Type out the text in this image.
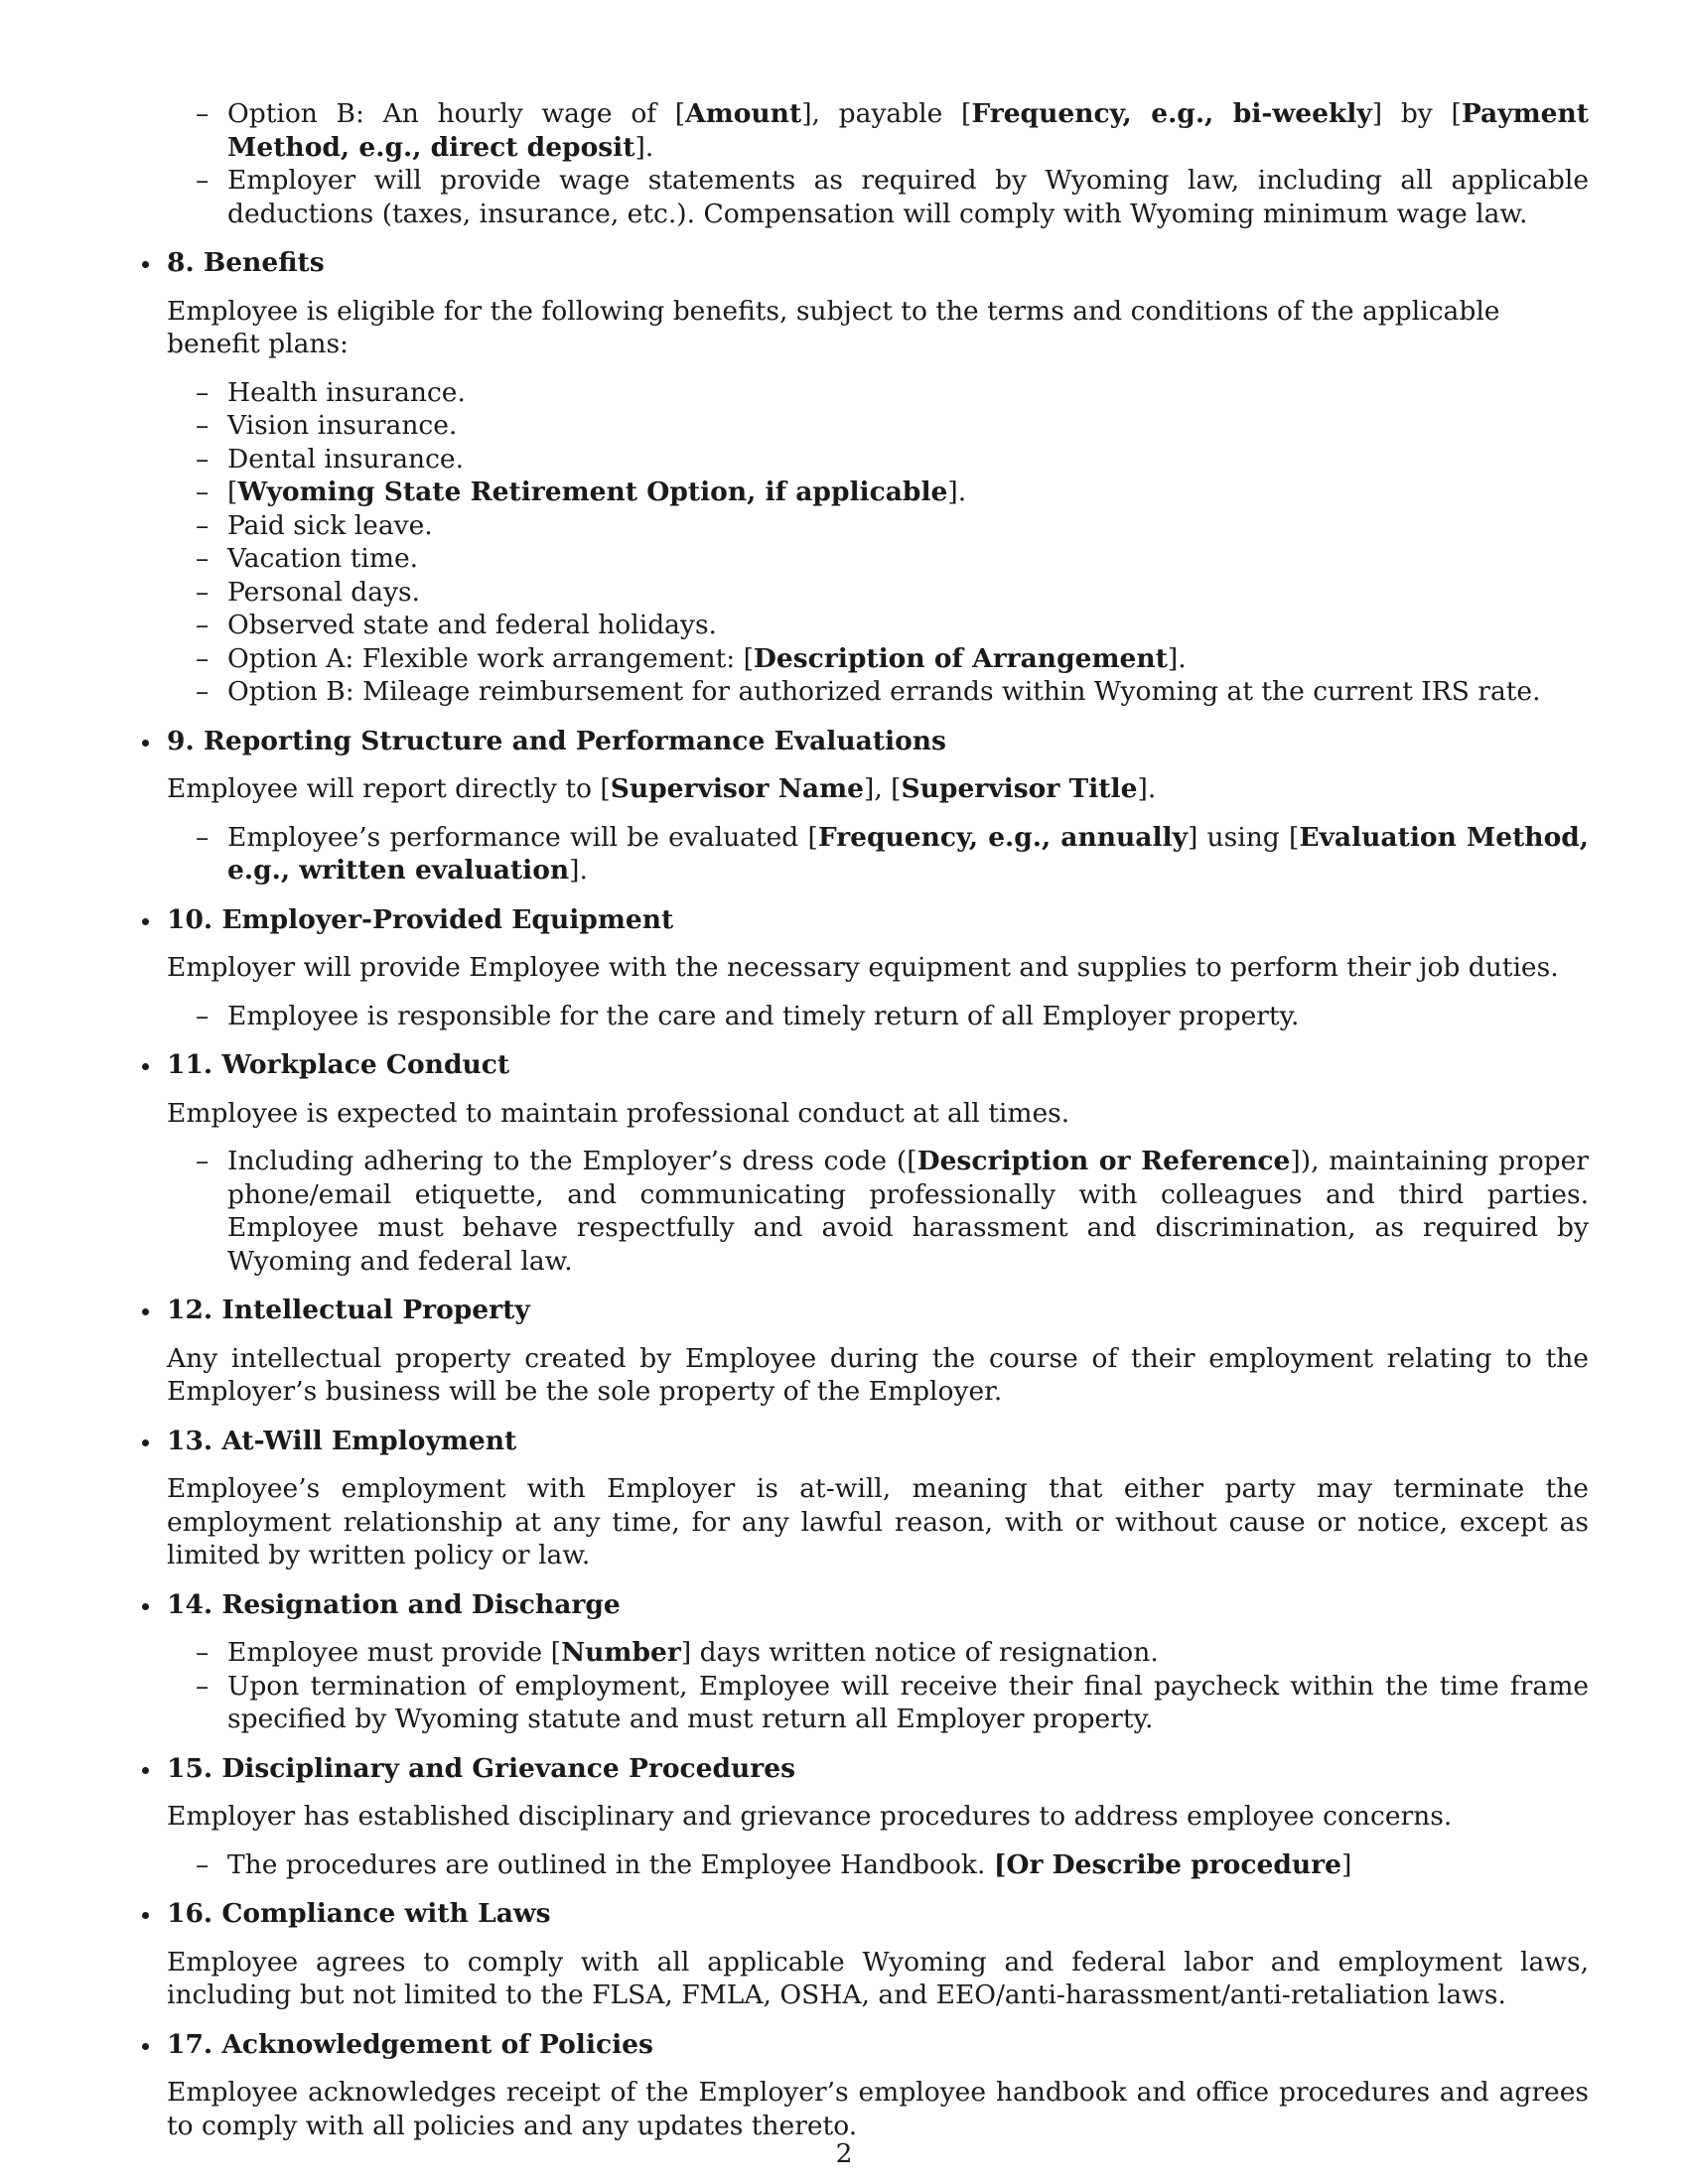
– Option B: An hourly wage of [Amount], payable [Frequency, e.g., bi-weekly] by [Payment Method, e.g., direct deposit].

– Employer will provide wage statements as required by Wyoming law, including all applicable deductions (taxes, insurance, etc.). Compensation will comply with Wyoming minimum wage law.

8. Benefits

Employee is eligible for the following benefits, subject to the terms and conditions of the applicable benefit plans:

– Health insurance.

– Vision insurance.

– Dental insurance.

– [Wyoming State Retirement Option, if applicable].

– Paid sick leave.

– Vacation time.

– Personal days.

– Observed state and federal holidays.

– Option A: Flexible work arrangement: [Description of Arrangement].

– Option B: Mileage reimbursement for authorized errands within Wyoming at the current IRS rate.

9. Reporting Structure and Performance Evaluations

Employee will report directly to [Supervisor Name], [Supervisor Title].

– Employee’s performance will be evaluated [Frequency, e.g., annually] using [Evaluation Method, e.g., written evaluation].

10. Employer-Provided Equipment

Employer will provide Employee with the necessary equipment and supplies to perform their job duties.

– Employee is responsible for the care and timely return of all Employer property.

11. Workplace Conduct

Employee is expected to maintain professional conduct at all times.

– Including adhering to the Employer’s dress code ([Description or Reference]), maintaining proper phone/email etiquette, and communicating professionally with colleagues and third parties. Employee must behave respectfully and avoid harassment and discrimination, as required by Wyoming and federal law.

12. Intellectual Property

Any intellectual property created by Employee during the course of their employment relating to the Employer’s business will be the sole property of the Employer.

13. At-Will Employment

Employee’s employment with Employer is at-will, meaning that either party may terminate the employment relationship at any time, for any lawful reason, with or without cause or notice, except as limited by written policy or law.

14. Resignation and Discharge

– Employee must provide [Number] days written notice of resignation.

– Upon termination of employment, Employee will receive their final paycheck within the time frame specified by Wyoming statute and must return all Employer property.

15. Disciplinary and Grievance Procedures

Employer has established disciplinary and grievance procedures to address employee concerns.

– The procedures are outlined in the Employee Handbook. [Or Describe procedure]

16. Compliance with Laws

Employee agrees to comply with all applicable Wyoming and federal labor and employment laws, including but not limited to the FLSA, FMLA, OSHA, and EEO/anti-harassment/anti-retaliation laws.

17. Acknowledgement of Policies

Employee acknowledges receipt of the Employer’s employee handbook and office procedures and agrees to comply with all policies and any updates thereto.

2
